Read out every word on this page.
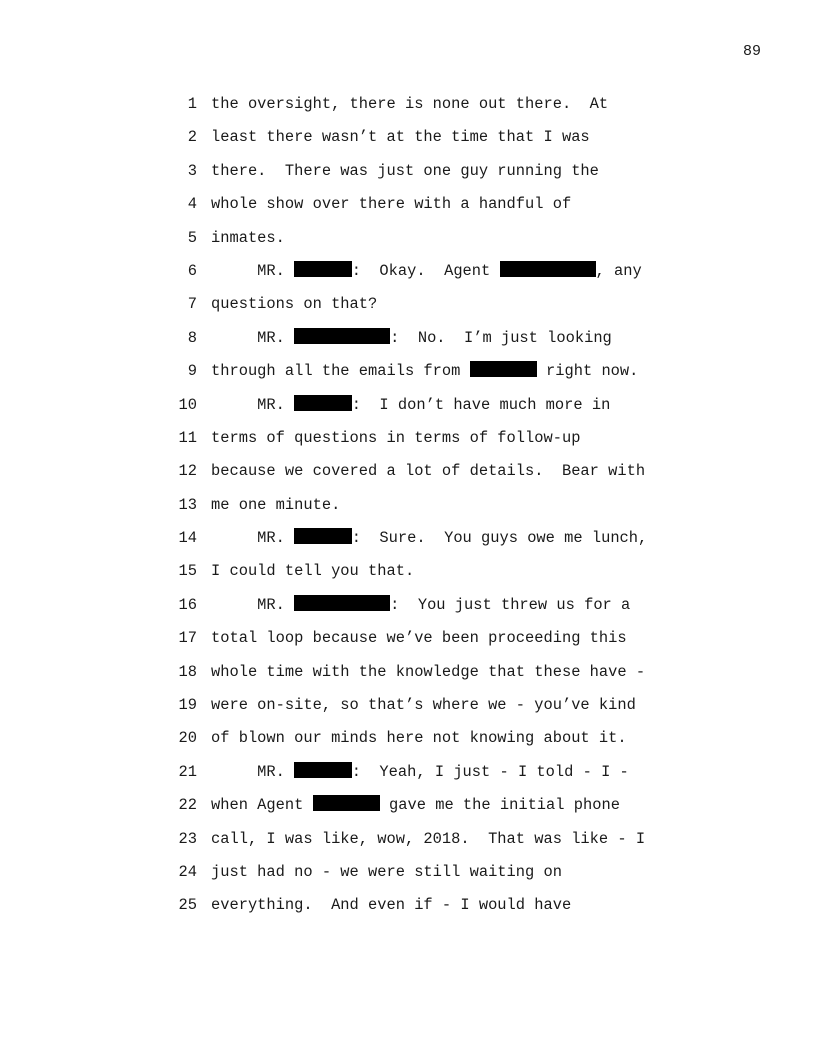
89
1 the oversight, there is none out there.  At
2 least there wasn’t at the time that I was
3 there.  There was just one guy running the
4 whole show over there with a handful of
5 inmates.
6 MR.	:  Okay.  Agent	, any
7 questions on that?
8 MR.	:  No.  I’m just looking
9 through all the emails from	right now.
10 MR.	:  I don’t have much more in
11 terms of questions in terms of follow-up
12 because we covered a lot of details.  Bear with
13 me one minute.
14 MR.	:  Sure.  You guys owe me lunch,
15 I could tell you that.
16 MR.	:  You just threw us for a
17 total loop because we’ve been proceeding this
18 whole time with the knowledge that these have -
19 were on-site, so that’s where we - you’ve kind
20 of blown our minds here not knowing about it.
21 MR.	:  Yeah, I just - I told - I -
22 when Agent	gave me the initial phone
23 call, I was like, wow, 2018.  That was like - I
24 just had no - we were still waiting on
25 everything.  And even if - I would have
